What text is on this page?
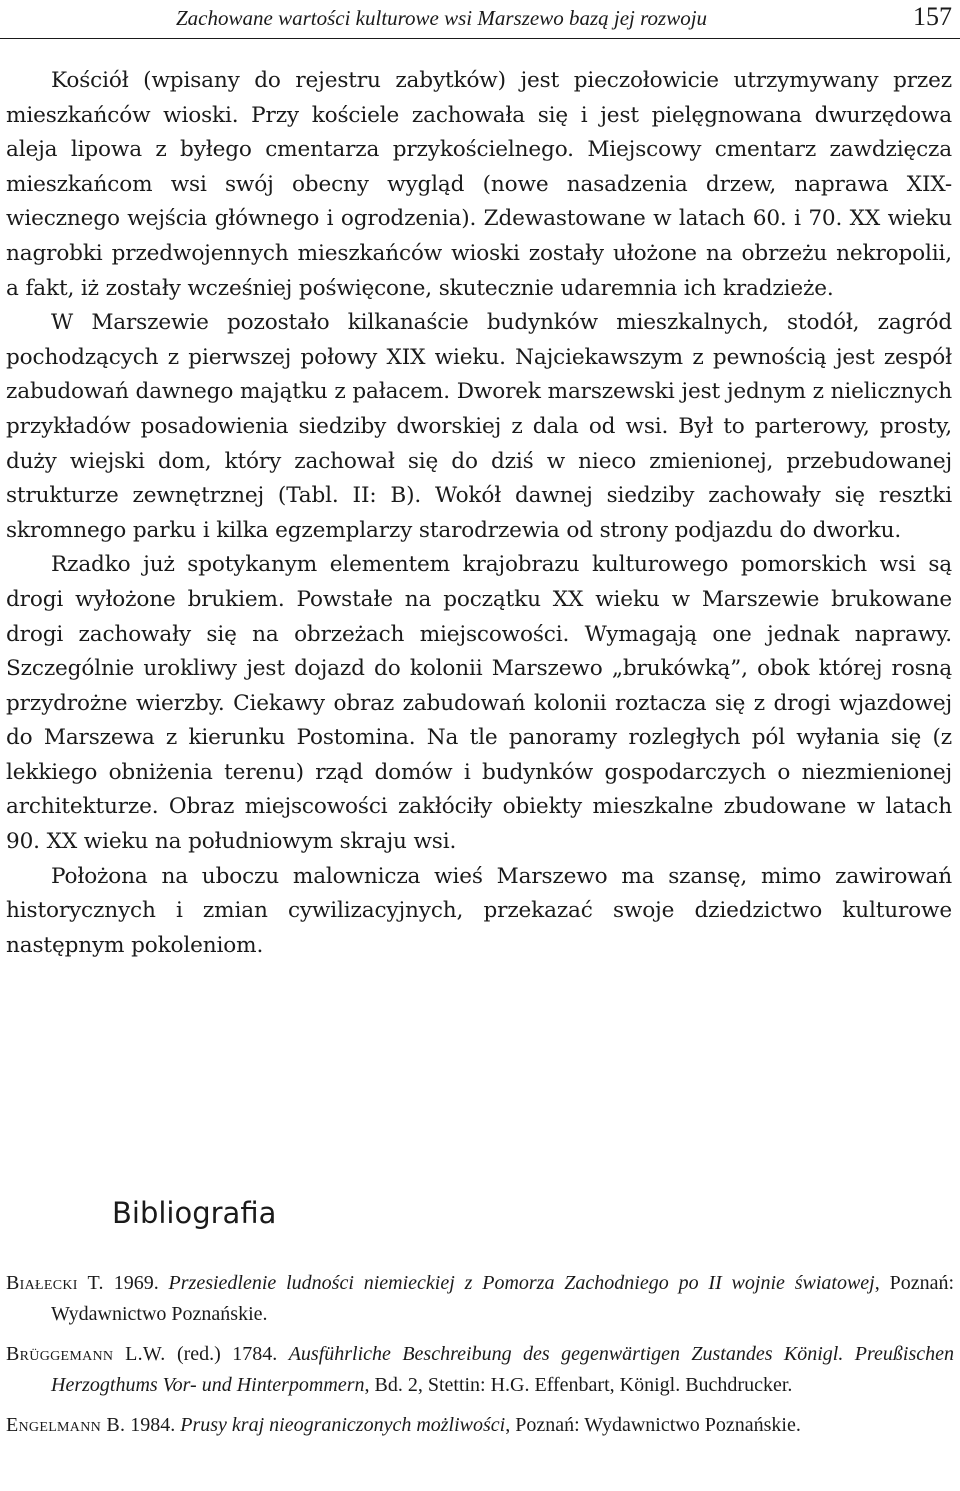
Zachowane wartości kulturowe wsi Marszewo bazą jej rozwoju	157

Kościół (wpisany do rejestru zabytków) jest pieczołowicie utrzymywany przez mieszkańców wioski. Przy kościele zachowała się i jest pielęgnowana dwurzędowa aleja lipowa z byłego cmentarza przykościelnego. Miejscowy cmentarz zawdzięcza mieszkańcom wsi swój obecny wygląd (nowe nasadzenia drzew, naprawa XIX-wiecznego wejścia głównego i ogrodzenia). Zdewastowane w latach 60. i 70. XX wieku nagrobki przedwojennych mieszkańców wioski zostały ułożone na obrzeżu nekropolii, a fakt, iż zostały wcześniej poświęcone, skutecznie udaremnia ich kradzieże.

W Marszewie pozostało kilkanaście budynków mieszkalnych, stodół, zagród pochodzących z pierwszej połowy XIX wieku. Najciekawszym z pewnością jest zespół zabudowań dawnego majątku z pałacem. Dworek marszewski jest jednym z nielicznych przykładów posadowienia siedziby dworskiej z dala od wsi. Był to parterowy, prosty, duży wiejski dom, który zachował się do dziś w nieco zmienionej, przebudowanej strukturze zewnętrznej (Tabl. II: B). Wokół dawnej siedziby zachowały się resztki skromnego parku i kilka egzemplarzy starodrzewia od strony podjazdu do dworku.

Rzadko już spotykanym elementem krajobrazu kulturowego pomorskich wsi są drogi wyłożone brukiem. Powstałe na początku XX wieku w Marszewie brukowane drogi zachowały się na obrzeżach miejscowości. Wymagają one jednak naprawy. Szczególnie urokliwy jest dojazd do kolonii Marszewo „brukówką”, obok której rosną przydrożne wierzby. Ciekawy obraz zabudowań kolonii roztacza się z drogi wjazdowej do Marszewa z kierunku Postomina. Na tle panoramy rozległych pól wyłania się (z lekkiego obniżenia terenu) rząd domów i budynków gospodarczych o niezmienionej architekturze. Obraz miejscowości zakłóciły obiekty mieszkalne zbudowane w latach 90. XX wieku na południowym skraju wsi.

Położona na uboczu malownicza wieś Marszewo ma szansę, mimo zawirowań historycznych i zmian cywilizacyjnych, przekazać swoje dziedzictwo kulturowe następnym pokoleniom.

Bibliografia

Białecki T. 1969. Przesiedlenie ludności niemieckiej z Pomorza Zachodniego po II wojnie światowej, Poznań: Wydawnictwo Poznańskie.

Brüggemann L.W. (red.) 1784. Ausführliche Beschreibung des gegenwärtigen Zustandes Königl. Preußischen Herzogthums Vor- und Hinterpommern, Bd. 2, Stettin: H.G. Effenbart, Königl. Buchdrucker.

Engelmann B. 1984. Prusy kraj nieograniczonych możliwości, Poznań: Wydawnictwo Poznańskie.
